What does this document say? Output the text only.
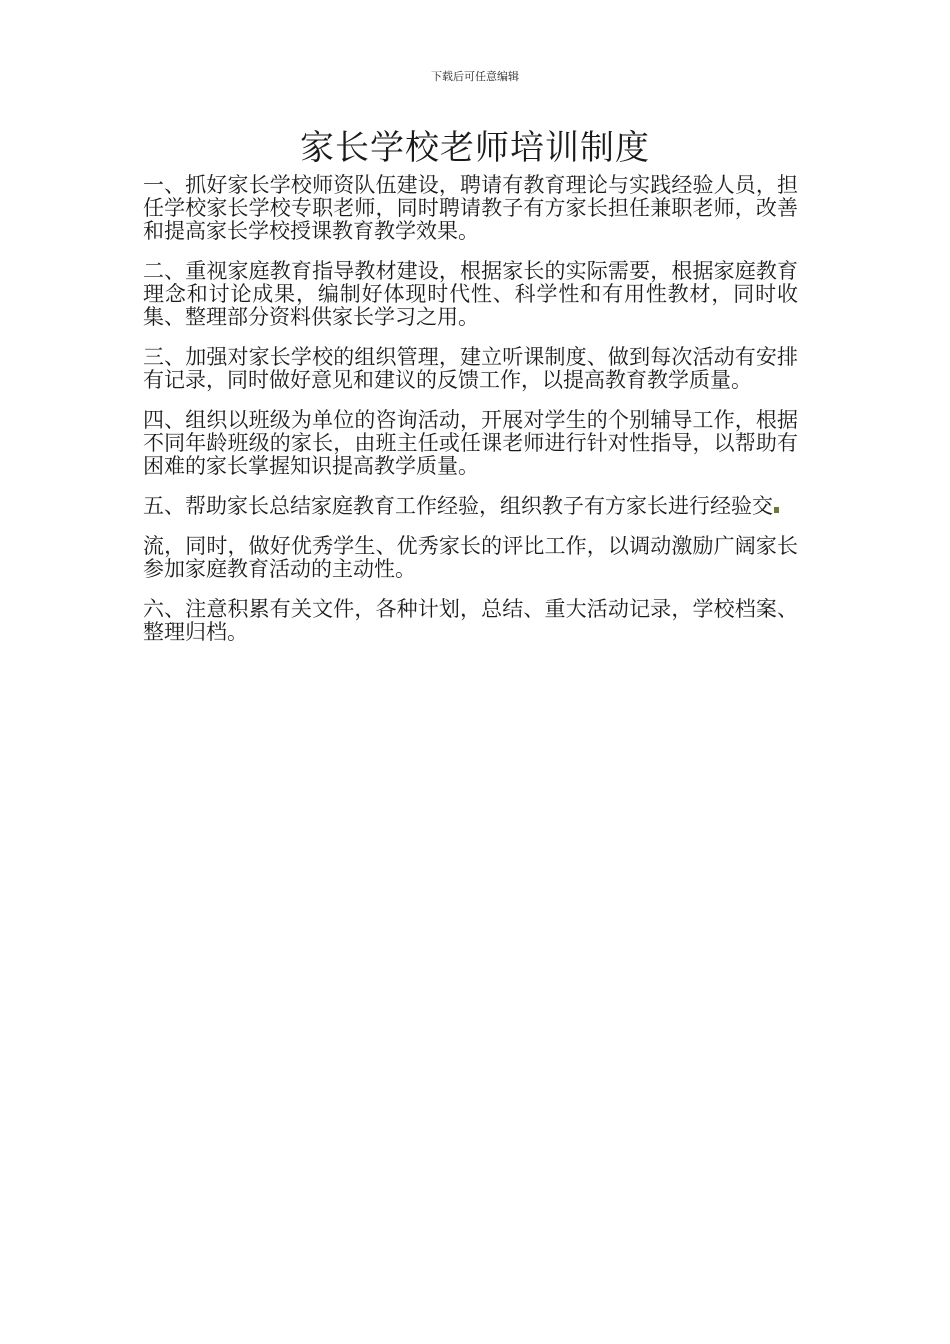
下载后可任意编辑
家长学校老师培训制度

一、抓好家长学校师资队伍建设，聘请有教育理论与实践经验人员，担任学校家长学校专职老师，同时聘请教子有方家长担任兼职老师，改善和提高家长学校授课教育教学效果。

二、重视家庭教育指导教材建设，根据家长的实际需要，根据家庭教育理念和讨论成果，编制好体现时代性、科学性和有用性教材，同时收集、整理部分资料供家长学习之用。

三、加强对家长学校的组织管理，建立听课制度、做到每次活动有安排有记录，同时做好意见和建议的反馈工作，以提高教育教学质量。

四、组织以班级为单位的咨询活动，开展对学生的个别辅导工作，根据不同年龄班级的家长，由班主任或任课老师进行针对性指导，以帮助有困难的家长掌握知识提高教学质量。

五、帮助家长总结家庭教育工作经验，组织教子有方家长进行经验交

流，同时，做好优秀学生、优秀家长的评比工作，以调动激励广阔家长参加家庭教育活动的主动性。

六、注意积累有关文件，各种计划，总结、重大活动记录，学校档案、整理归档。
